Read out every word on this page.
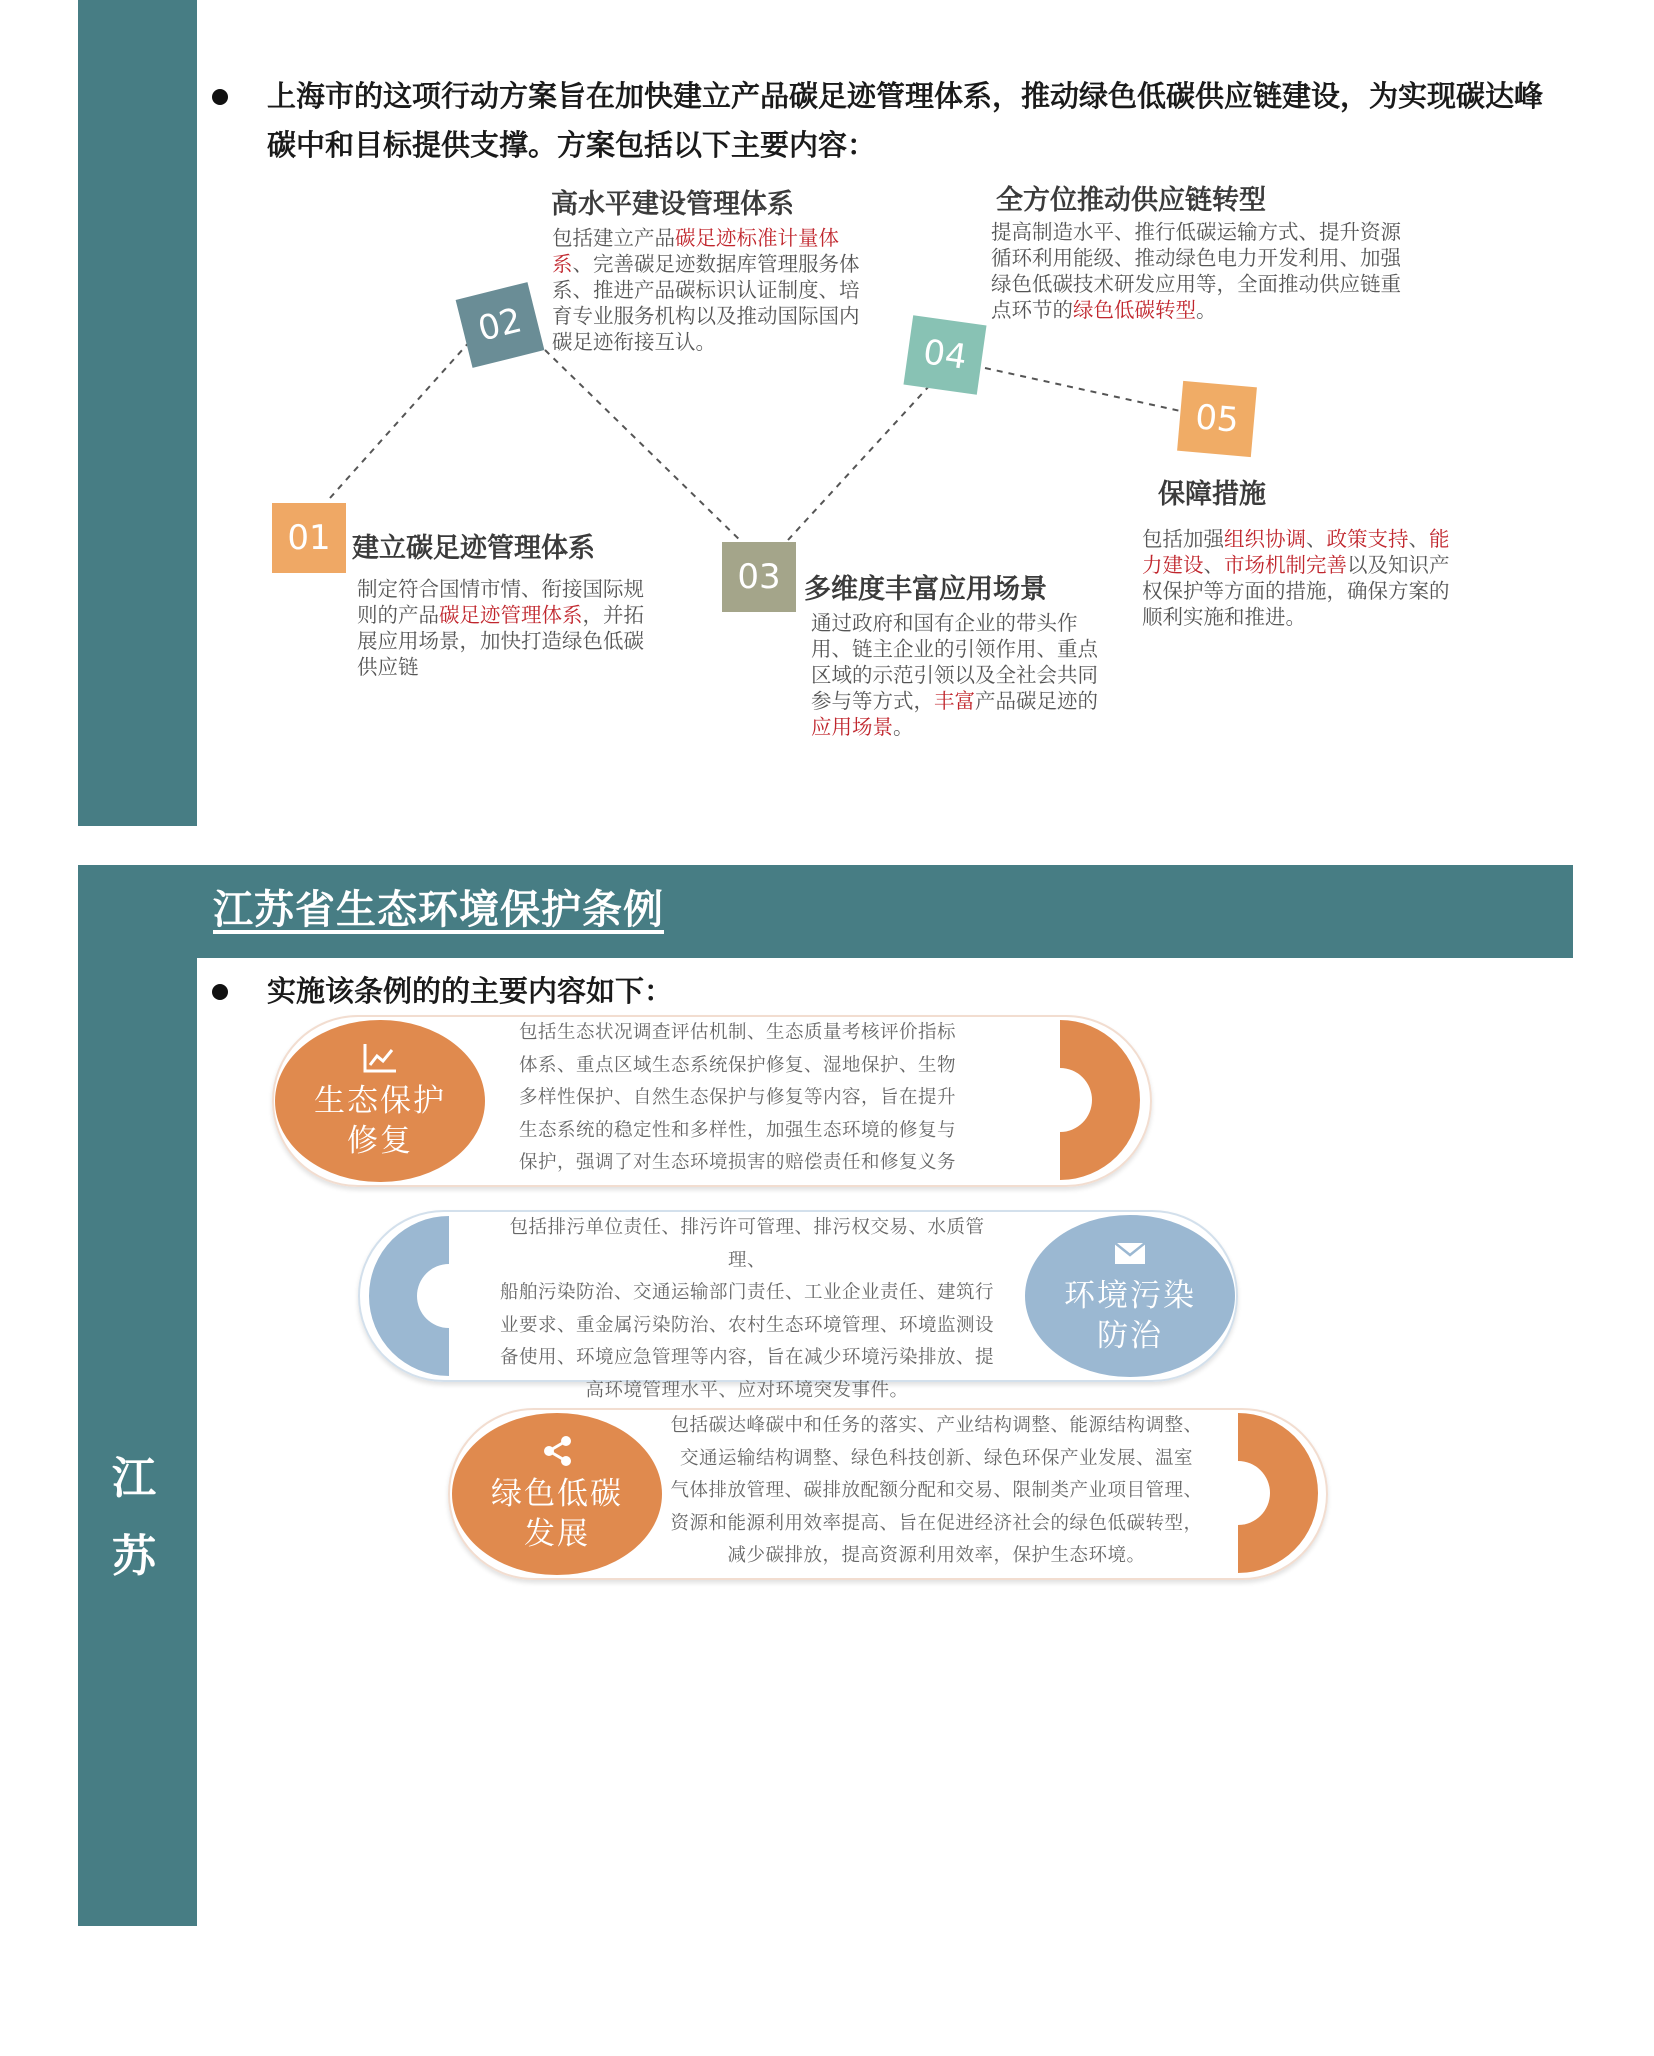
上海市的这项行动方案旨在加快建立产品碳足迹管理体系，推动绿色低碳供应链建设，为实现碳达峰
碳中和目标提供支撑。方案包括以下主要内容：
01
02
03
04
05
建立碳足迹管理体系
高水平建设管理体系
多维度丰富应用场景
全方位推动供应链转型
保障措施
制定符合国情市情、衔接国际规则的产品碳足迹管理体系，并拓展应用场景，加快打造绿色低碳供应链
包括建立产品碳足迹标准计量体系、完善碳足迹数据库管理服务体系、推进产品碳标识认证制度、培育专业服务机构以及推动国际国内碳足迹衔接互认。
通过政府和国有企业的带头作用、链主企业的引领作用、重点区域的示范引领以及全社会共同参与等方式，丰富产品碳足迹的应用场景。
提高制造水平、推行低碳运输方式、提升资源循环利用能级、推动绿色电力开发利用、加强绿色低碳技术研发应用等，全面推动供应链重点环节的绿色低碳转型。
包括加强组织协调、政策支持、能力建设、市场机制完善以及知识产权保护等方面的措施，确保方案的顺利实施和推进。
江苏省生态环境保护条例
江
苏
实施该条例的的主要内容如下：
生态保护
修复
包括生态状况调查评估机制、生态质量考核评价指标
体系、重点区域生态系统保护修复、湿地保护、生物
多样性保护、自然生态保护与修复等内容，旨在提升
生态系统的稳定性和多样性，加强生态环境的修复与
保护，强调了对生态环境损害的赔偿责任和修复义务
包括排污单位责任、排污许可管理、排污权交易、水质管理、
船舶污染防治、交通运输部门责任、工业企业责任、建筑行
业要求、重金属污染防治、农村生态环境管理、环境监测设
备使用、环境应急管理等内容，旨在减少环境污染排放、提
高环境管理水平、应对环境突发事件。
环境污染
防治
绿色低碳
发展
包括碳达峰碳中和任务的落实、产业结构调整、能源结构调整、
交通运输结构调整、绿色科技创新、绿色环保产业发展、温室
气体排放管理、碳排放配额分配和交易、限制类产业项目管理、
资源和能源利用效率提高、旨在促进经济社会的绿色低碳转型，
减少碳排放，提高资源利用效率，保护生态环境。
